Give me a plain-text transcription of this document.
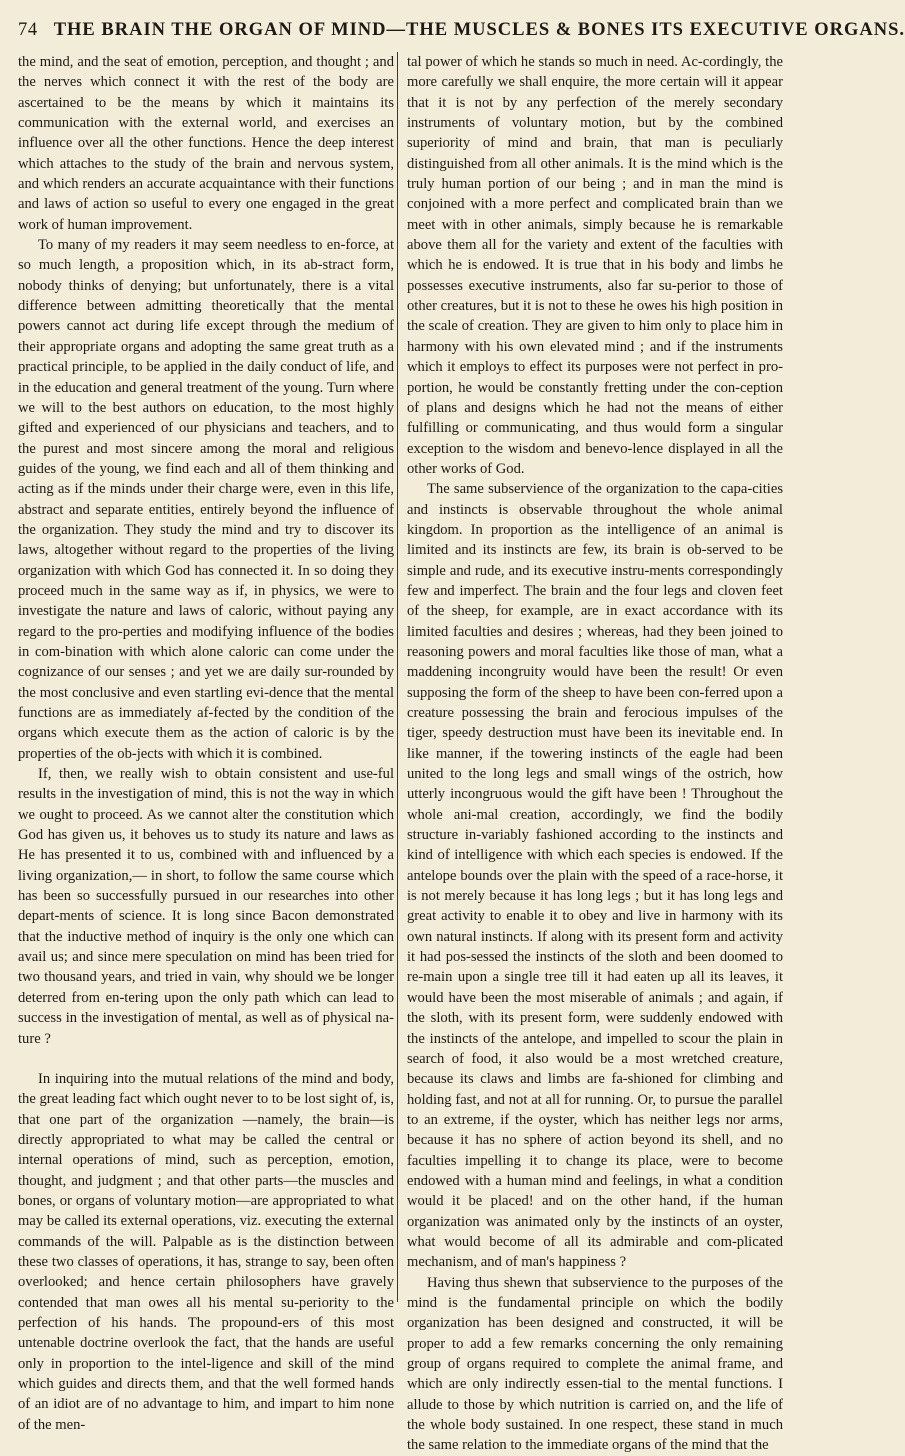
74 THE BRAIN THE ORGAN OF MIND—THE MUSCLES & BONES ITS EXECUTIVE ORGANS.

the mind, and the seat of emotion, perception, and thought ; and the nerves which connect it with the rest of the body are ascertained to be the means by which it maintains its communication with the external world, and exercises an influence over all the other functions. Hence the deep interest which attaches to the study of the brain and nervous system, and which renders an accurate acquaintance with their functions and laws of action so useful to every one engaged in the great work of human improvement.

To many of my readers it may seem needless to en-force, at so much length, a proposition which, in its ab-stract form, nobody thinks of denying; but unfortunately, there is a vital difference between admitting theoretically that the mental powers cannot act during life except through the medium of their appropriate organs and adopting the same great truth as a practical principle, to be applied in the daily conduct of life, and in the education and general treatment of the young. Turn where we will to the best authors on education, to the most highly gifted and experienced of our physicians and teachers, and to the purest and most sincere among the moral and religious guides of the young, we find each and all of them thinking and acting as if the minds under their charge were, even in this life, abstract and separate entities, entirely beyond the influence of the organization. They study the mind and try to discover its laws, altogether without regard to the properties of the living organization with which God has connected it. In so doing they proceed much in the same way as if, in physics, we were to investigate the nature and laws of caloric, without paying any regard to the pro-perties and modifying influence of the bodies in com-bination with which alone caloric can come under the cognizance of our senses ; and yet we are daily sur-rounded by the most conclusive and even startling evi-dence that the mental functions are as immediately af-fected by the condition of the organs which execute them as the action of caloric is by the properties of the ob-jects with which it is combined.

If, then, we really wish to obtain consistent and use-ful results in the investigation of mind, this is not the way in which we ought to proceed. As we cannot alter the constitution which God has given us, it behoves us to study its nature and laws as He has presented it to us, combined with and influenced by a living organization,— in short, to follow the same course which has been so successfully pursued in our researches into other depart-ments of science. It is long since Bacon demonstrated that the inductive method of inquiry is the only one which can avail us; and since mere speculation on mind has been tried for two thousand years, and tried in vain, why should we be longer deterred from en-tering upon the only path which can lead to success in the investigation of mental, as well as of physical na-ture ?

In inquiring into the mutual relations of the mind and body, the great leading fact which ought never to to be lost sight of, is, that one part of the organization —namely, the brain—is directly appropriated to what may be called the central or internal operations of mind, such as perception, emotion, thought, and judgment ; and that other parts—the muscles and bones, or organs of voluntary motion—are appropriated to what may be called its external operations, viz. executing the external commands of the will. Palpable as is the distinction between these two classes of operations, it has, strange to say, been often overlooked; and hence certain philosophers have gravely contended that man owes all his mental su-periority to the perfection of his hands. The propound-ers of this most untenable doctrine overlook the fact, that the hands are useful only in proportion to the intel-ligence and skill of the mind which guides and directs them, and that the well formed hands of an idiot are of no advantage to him, and impart to him none of the men-

tal power of which he stands so much in need. Ac-cordingly, the more carefully we shall enquire, the more certain will it appear that it is not by any perfection of the merely secondary instruments of voluntary motion, but by the combined superiority of mind and brain, that man is peculiarly distinguished from all other animals. It is the mind which is the truly human portion of our being ; and in man the mind is conjoined with a more perfect and complicated brain than we meet with in other animals, simply because he is remarkable above them all for the variety and extent of the faculties with which he is endowed. It is true that in his body and limbs he possesses executive instruments, also far su-perior to those of other creatures, but it is not to these he owes his high position in the scale of creation. They are given to him only to place him in harmony with his own elevated mind ; and if the instruments which it employs to effect its purposes were not perfect in pro-portion, he would be constantly fretting under the con-ception of plans and designs which he had not the means of either fulfilling or communicating, and thus would form a singular exception to the wisdom and benevo-lence displayed in all the other works of God.

The same subservience of the organization to the capa-cities and instincts is observable throughout the whole animal kingdom. In proportion as the intelligence of an animal is limited and its instincts are few, its brain is ob-served to be simple and rude, and its executive instru-ments correspondingly few and imperfect. The brain and the four legs and cloven feet of the sheep, for example, are in exact accordance with its limited faculties and desires ; whereas, had they been joined to reasoning powers and moral faculties like those of man, what a maddening incongruity would have been the result! Or even supposing the form of the sheep to have been con-ferred upon a creature possessing the brain and ferocious impulses of the tiger, speedy destruction must have been its inevitable end. In like manner, if the towering instincts of the eagle had been united to the long legs and small wings of the ostrich, how utterly incongruous would the gift have been ! Throughout the whole ani-mal creation, accordingly, we find the bodily structure in-variably fashioned according to the instincts and kind of intelligence with which each species is endowed. If the antelope bounds over the plain with the speed of a race-horse, it is not merely because it has long legs ; but it has long legs and great activity to enable it to obey and live in harmony with its own natural instincts. If along with its present form and activity it had pos-sessed the instincts of the sloth and been doomed to re-main upon a single tree till it had eaten up all its leaves, it would have been the most miserable of animals ; and again, if the sloth, with its present form, were suddenly endowed with the instincts of the antelope, and impelled to scour the plain in search of food, it also would be a most wretched creature, because its claws and limbs are fa-shioned for climbing and holding fast, and not at all for running. Or, to pursue the parallel to an extreme, if the oyster, which has neither legs nor arms, because it has no sphere of action beyond its shell, and no faculties impelling it to change its place, were to become endowed with a human mind and feelings, in what a condition would it be placed! and on the other hand, if the human organization was animated only by the instincts of an oyster, what would become of all its admirable and com-plicated mechanism, and of man's happiness ?

Having thus shewn that subservience to the purposes of the mind is the fundamental principle on which the bodily organization has been designed and constructed, it will be proper to add a few remarks concerning the only remaining group of organs required to complete the animal frame, and which are only indirectly essen-tial to the mental functions. I allude to those by which nutrition is carried on, and the life of the whole body sustained. In one respect, these stand in much the same relation to the immediate organs of the mind that the
